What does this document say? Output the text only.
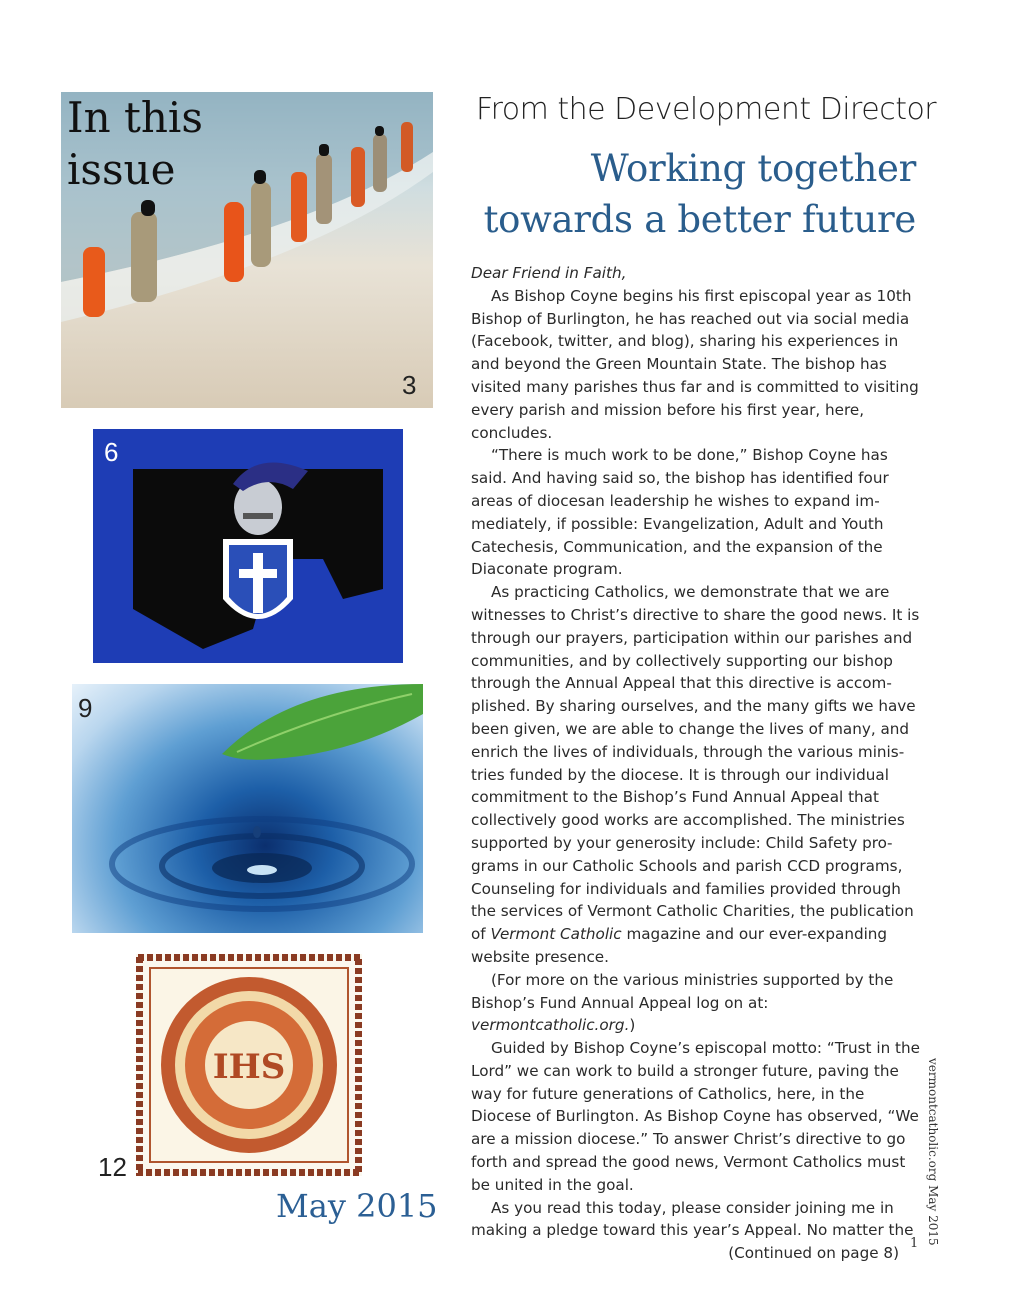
In this issue
3
6
9
IHS
12
May 2015
From the Development Director
Working together towards a better future

Dear Friend in Faith,

As Bishop Coyne begins his first episcopal year as 10th Bishop of Burlington, he has reached out via social media (Facebook, twitter, and blog), sharing his experiences in and beyond the Green Mountain State. The bishop has visited many parishes thus far and is committed to visiting every parish and mission before his first year, here, concludes.

“There is much work to be done,” Bishop Coyne has said. And having said so, the bishop has identified four areas of diocesan leadership he wishes to expand immediately, if possible: Evangelization, Adult and Youth Catechesis, Communication, and the expansion of the Diaconate program.

As practicing Catholics, we demonstrate that we are witnesses to Christ’s directive to share the good news. It is through our prayers, participation within our parishes and communities, and by collectively supporting our bishop through the Annual Appeal that this directive is accomplished. By sharing ourselves, and the many gifts we have been given, we are able to change the lives of many, and enrich the lives of individuals, through the various ministries funded by the diocese. It is through our individual commitment to the Bishop’s Fund Annual Appeal that collectively good works are accomplished. The ministries supported by your generosity include: Child Safety programs in our Catholic Schools and parish CCD programs, Counseling for individuals and families provided through the services of Vermont Catholic Charities, the publication of Vermont Catholic magazine and our ever-expanding website presence.

(For more on the various ministries supported by the Bishop’s Fund Annual Appeal log on at: vermontcatholic.org.)

Guided by Bishop Coyne’s episcopal motto: “Trust in the Lord” we can work to build a stronger future, paving the way for future generations of Catholics, here, in the Diocese of Burlington. As Bishop Coyne has observed, “We are a mission diocese.” To answer Christ’s directive to go forth and spread the good news, Vermont Catholics must be united in the goal.

As you read this today, please consider joining me in making a pledge toward this year’s Appeal. No matter the

(Continued on page 8)

vermontcatholic.org May 2015
1
